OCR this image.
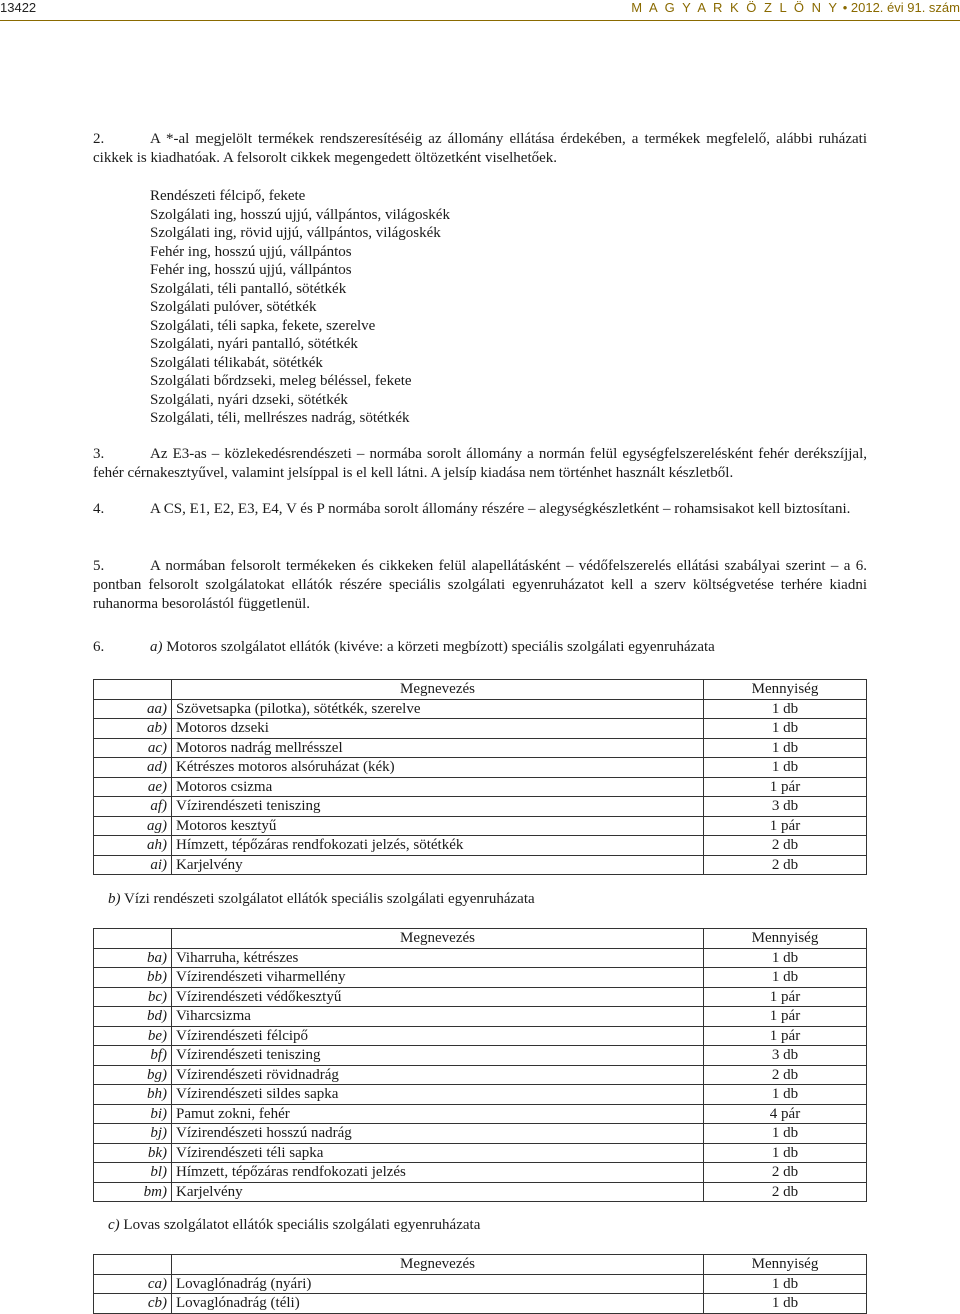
13422	M A G Y A R K Ö Z L Ö N Y • 2012. évi 91. szám
2.	A *-al megjelölt termékek rendszeresítéséig az állomány ellátása érdekében, a termékek megfelelő, alábbi ruházati cikkek is kiadhatóak. A felsorolt cikkek megengedett öltözetként viselhetőek.
Rendészeti félcipő, fekete
Szolgálati ing, hosszú ujjú, vállpántos, világoskék
Szolgálati ing, rövid ujjú, vállpántos, világoskék
Fehér ing, hosszú ujjú, vállpántos
Fehér ing, hosszú ujjú, vállpántos
Szolgálati, téli pantalló, sötétkék
Szolgálati pulóver, sötétkék
Szolgálati, téli sapka, fekete, szerelve
Szolgálati, nyári pantalló, sötétkék
Szolgálati télikabát, sötétkék
Szolgálati bőrdzseki, meleg béléssel, fekete
Szolgálati, nyári dzseki, sötétkék
Szolgálati, téli, mellrészes nadrág, sötétkék
3.	Az E3-as – közlekedésrendészeti – normába sorolt állomány a normán felül egységfelszerelésként fehér derékszíjjal, fehér cérnakesztyűvel, valamint jelsíppal is el kell látni. A jelsíp kiadása nem történhet használt készletből.
4.	A CS, E1, E2, E3, E4, V és P normába sorolt állomány részére – alegységkészletként – rohamsisakot kell biztosítani.
5.	A normában felsorolt termékeken és cikkeken felül alapellátásként – védőfelszerelés ellátási szabályai szerint – a 6. pontban felsorolt szolgálatokat ellátók részére speciális szolgálati egyenruházatot kell a szerv költségvetése terhére kiadni ruhanorma besorolástól függetlenül.
6.	a) Motoros szolgálatot ellátók (kivéve: a körzeti megbízott) speciális szolgálati egyenruházata
	Megnevezés	Mennyiség
aa)	Szövetsapka (pilotka), sötétkék, szerelve	1 db
ab)	Motoros dzseki	1 db
ac)	Motoros nadrág mellrésszel	1 db
ad)	Kétrészes motoros alsóruházat (kék)	1 db
ae)	Motoros csizma	1 pár
af)	Vízirendészeti teniszing	3 db
ag)	Motoros kesztyű	1 pár
ah)	Hímzett, tépőzáras rendfokozati jelzés, sötétkék	2 db
ai)	Karjelvény	2 db
b) Vízi rendészeti szolgálatot ellátók speciális szolgálati egyenruházata
	Megnevezés	Mennyiség
ba)	Viharruha, kétrészes	1 db
bb)	Vízirendészeti viharmellény	1 db
bc)	Vízirendészeti védőkesztyű	1 pár
bd)	Viharcsizma	1 pár
be)	Vízirendészeti félcipő	1 pár
bf)	Vízirendészeti teniszing	3 db
bg)	Vízirendészeti rövidnadrág	2 db
bh)	Vízirendészeti sildes sapka	1 db
bi)	Pamut zokni, fehér	4 pár
bj)	Vízirendészeti hosszú nadrág	1 db
bk)	Vízirendészeti téli sapka	1 db
bl)	Hímzett, tépőzáras rendfokozati jelzés	2 db
bm)	Karjelvény	2 db
c) Lovas szolgálatot ellátók speciális szolgálati egyenruházata
	Megnevezés	Mennyiség
ca)	Lovaglónadrág (nyári)	1 db
cb)	Lovaglónadrág (téli)	1 db
